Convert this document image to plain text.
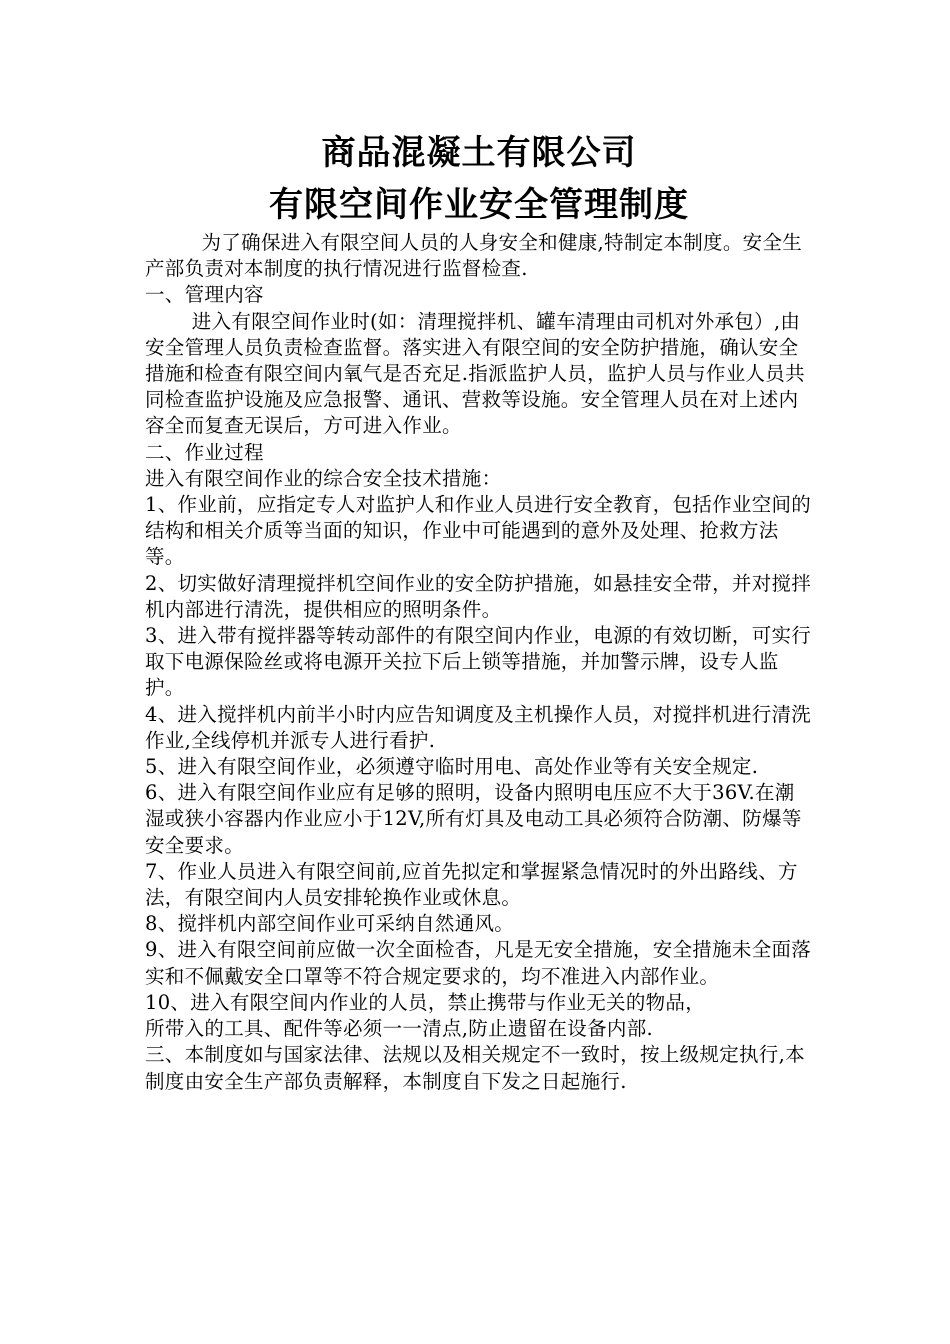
商品混凝土有限公司
有限空间作业安全管理制度

为了确保进入有限空间人员的人身安全和健康,特制定本制度。安全生产部负责对本制度的执行情况进行监督检查.

一、管理内容

进入有限空间作业时(如：清理搅拌机、罐车清理由司机对外承包）,由安全管理人员负责检查监督。落实进入有限空间的安全防护措施，确认安全措施和检查有限空间内氧气是否充足.指派监护人员，监护人员与作业人员共同检查监护设施及应急报警、通讯、营救等设施。安全管理人员在对上述内容全而复查无误后，方可进入作业。

二、作业过程

进入有限空间作业的综合安全技术措施：

1、作业前，应指定专人对监护人和作业人员进行安全教育，包括作业空间的结构和相关介质等当面的知识，作业中可能遇到的意外及处理、抢救方法等。

2、切实做好清理搅拌机空间作业的安全防护措施，如悬挂安全带，并对搅拌机内部进行清洗，提供相应的照明条件。

3、进入带有搅拌器等转动部件的有限空间内作业，电源的有效切断，可实行取下电源保险丝或将电源开关拉下后上锁等措施，并加警示牌，设专人监护。

4、进入搅拌机内前半小时内应告知调度及主机操作人员，对搅拌机进行清洗作业,全线停机并派专人进行看护.

5、进入有限空间作业，必须遵守临时用电、高处作业等有关安全规定.

6、进入有限空间作业应有足够的照明，设备内照明电压应不大于36V.在潮湿或狭小容器内作业应小于12V,所有灯具及电动工具必须符合防潮、防爆等安全要求。

7、作业人员进入有限空间前,应首先拟定和掌握紧急情况时的外出路线、方法，有限空间内人员安排轮换作业或休息。

8、搅拌机内部空间作业可采纳自然通风。

9、进入有限空间前应做一次全面检杳，凡是无安全措施，安全措施未全面落实和不佩戴安全口罩等不符合规定要求的，均不准进入内部作业。

10、进入有限空间内作业的人员，禁止携带与作业无关的物品，

所带入的工具、配件等必须一一清点,防止遗留在设备内部.

三、本制度如与国家法律、法规以及相关规定不一致时，按上级规定执行,本制度由安全生产部负责解释，本制度自下发之日起施行.
